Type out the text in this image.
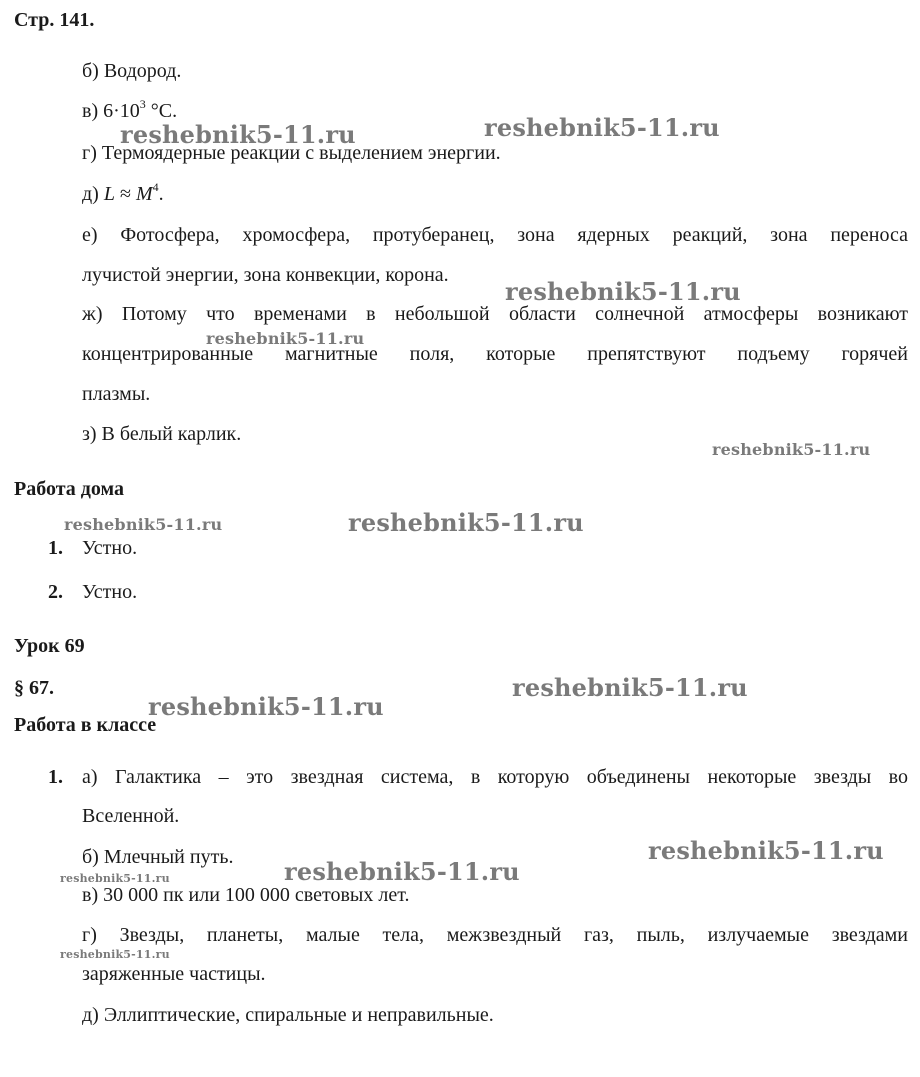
Стр. 141.
б) Водород.
в) $6\cdot 10^3$ °C.
г) Термоядерные реакции с выделением энергии.
д) $L \approx M^4$.
е) Фотосфера, хромосфера, протуберанец, зона ядерных реакций, зона переноса
лучистой энергии, зона конвекции, корона.
ж) Потому что временами в небольшой области солнечной атмосферы возникают
концентрированные магнитные поля, которые препятствуют подъему горячей
плазмы.
з) В белый карлик.
Работа дома
1. Устно.
2. Устно.
Урок 69
§ 67.
Работа в классе
1. а) Галактика – это звездная система, в которую объединены некоторые звезды во
Вселенной.
б) Млечный путь.
в) 30 000 пк или 100 000 световых лет.
г) Звезды, планеты, малые тела, межзвездный газ, пыль, излучаемые звездами
заряженные частицы.
д) Эллиптические, спиральные и неправильные.
reshebnik5-11.ru	reshebnik5-11.ru
reshebnik5-11.ru
reshebnik5-11.ru
reshebnik5-11.ru
reshebnik5-11.ru	reshebnik5-11.ru
reshebnik5-11.ru
reshebnik5-11.ru
reshebnik5-11.ru
reshebnik5-11.ru
reshebnik5-11.ru
reshebnik5-11.ru
